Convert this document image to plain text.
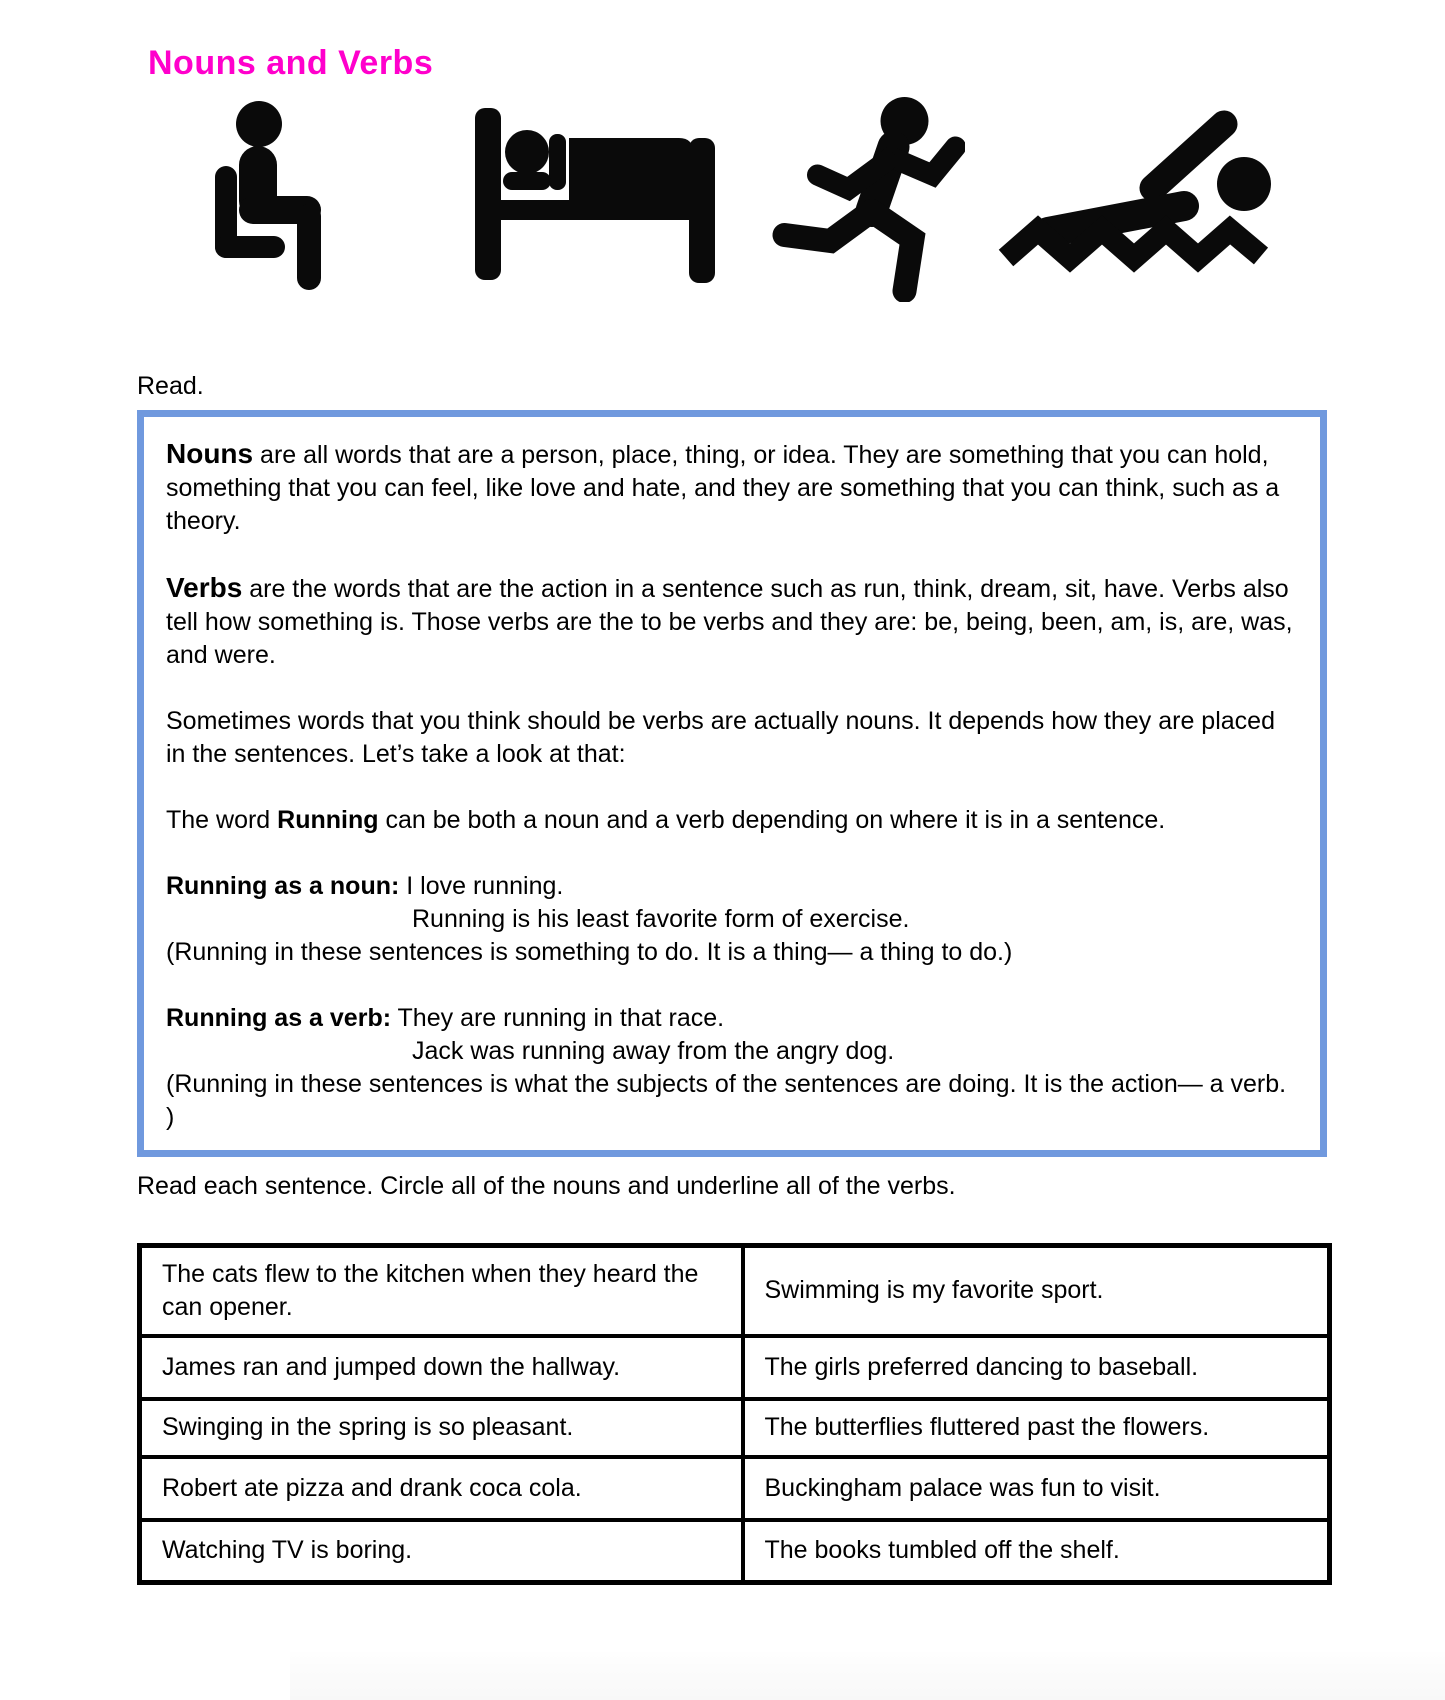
Nouns and Verbs
Read.

Nouns are all words that are a person, place, thing, or idea. They are something that you can hold, something that you can feel, like love and hate, and they are something that you can think, such as a theory.

Verbs are the words that are the action in a sentence such as run, think, dream, sit, have. Verbs also tell how something is. Those verbs are the to be verbs and they are: be, being, been, am, is, are, was, and were.

Sometimes words that you think should be verbs are actually nouns. It depends how they are placed in the sentences. Let’s take a look at that:

The word Running can be both a noun and a verb depending on where it is in a sentence.

Running as a noun: I love running.
Running is his least favorite form of exercise.
(Running in these sentences is something to do. It is a thing— a thing to do.)

Running as a verb: They are running in that race.
Jack was running away from the angry dog.
(Running in these sentences is what the subjects of the sentences are doing. It is the action— a verb. )

Read each sentence. Circle all of the nouns and underline all of the verbs.
The cats flew to the kitchen when they heard the can opener.	Swimming is my favorite sport.
James ran and jumped down the hallway.	The girls preferred dancing to baseball.
Swinging in the spring is so pleasant.	The butterflies fluttered past the flowers.
Robert ate pizza and drank coca cola.	Buckingham palace was fun to visit.
Watching TV is boring.	The books tumbled off the shelf.
